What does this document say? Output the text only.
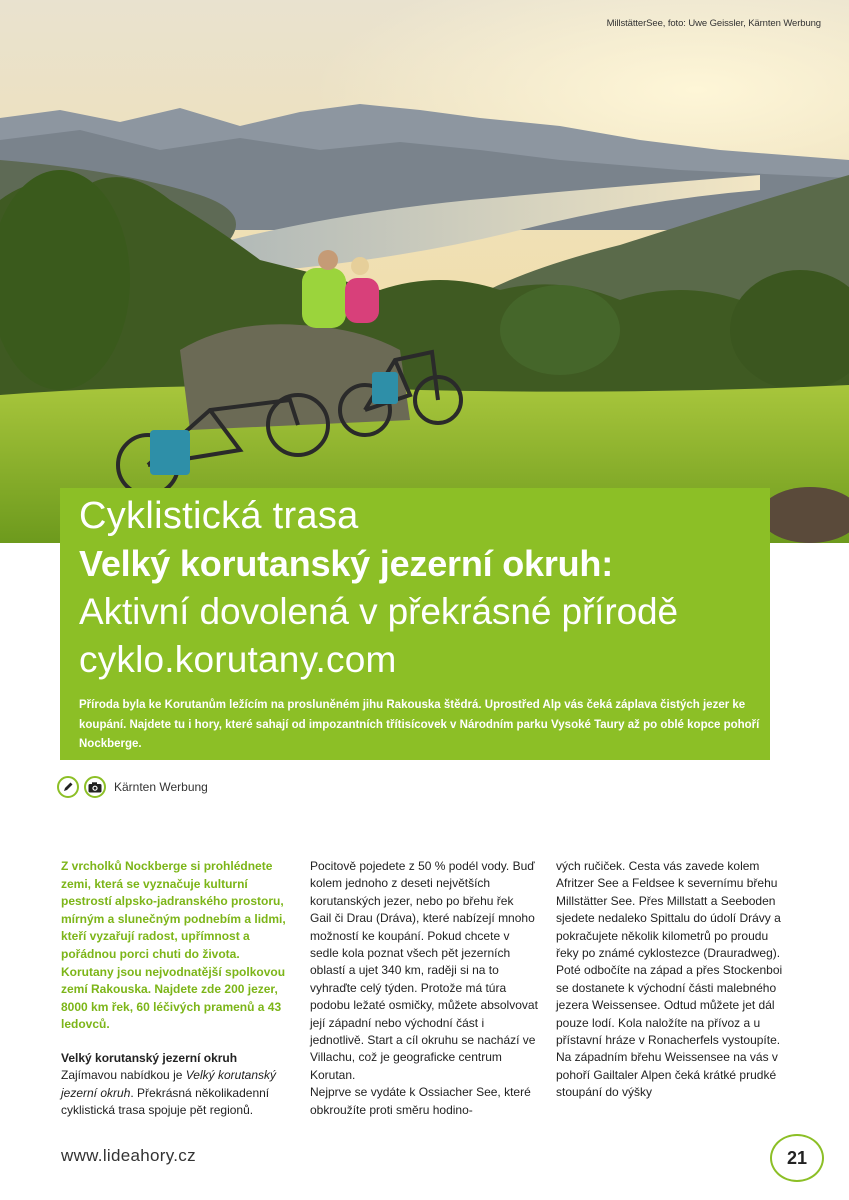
MillstätterSee, foto: Uwe Geissler, Kärnten Werbung
Cyklistická trasa
Velký korutanský jezerní okruh:
Aktivní dovolená v překrásné přírodě
cyklo.korutany.com
Příroda byla ke Korutanům ležícím na prosluněném jihu Rakouska štědrá. Uprostřed Alp vás čeká záplava čistých jezer ke koupání. Najdete tu i hory, které sahají od impozantních třítisícovek v Národním parku Vysoké Taury až po oblé kopce pohoří Nockberge.
Kärnten Werbung

Z vrcholků Nockberge si prohlédnete zemi, která se vyznačuje kulturní pestrostí alpsko-jadranského prostoru, mírným a slunečným podnebím a lidmi, kteří vyzařují radost, upřímnost a pořádnou porci chuti do života. Korutany jsou nejvodnatější spolkovou zemí Rakouska. Najdete zde 200 jezer, 8000 km řek, 60 léčivých pramenů a 43 ledovců.

Velký korutanský jezerní okruh

Zajímavou nabídkou je Velký korutanský jezerní okruh. Překrásná několikadenní cyklistická trasa spojuje pět regionů.

Pocitově pojedete z 50 % podél vody. Buď kolem jednoho z deseti největších korutanských jezer, nebo po břehu řek Gail či Drau (Dráva), které nabízejí mnoho možností ke koupání. Pokud chcete v sedle kola poznat všech pět jezerních oblastí a ujet 340 km, raději si na to vyhraďte celý týden. Protože má túra podobu ležaté osmičky, můžete absolvovat její západní nebo východní část i jednotlivě. Start a cíl okruhu se nachází ve Villachu, což je geograficke centrum Korutan.

Nejprve se vydáte k Ossiacher See, které obkroužíte proti směru hodino-

vých ručiček. Cesta vás zavede kolem Afritzer See a Feldsee k severnímu břehu Millstätter See. Přes Millstatt a Seeboden sjedete nedaleko Spittalu do údolí Drávy a pokračujete několik kilometrů po proudu řeky po známé cyklostezce (Drauradweg). Poté odbočíte na západ a přes Stockenboi se dostanete k východní části malebného jezera Weissensee. Odtud můžete jet dál pouze lodí. Kola naložíte na přívoz a u přístavní hráze v Ronacherfels vystoupíte. Na západním břehu Weissensee na vás v pohoří Gailtaler Alpen čeká krátké prudké stoupání do výšky

www.lideahory.cz	21
